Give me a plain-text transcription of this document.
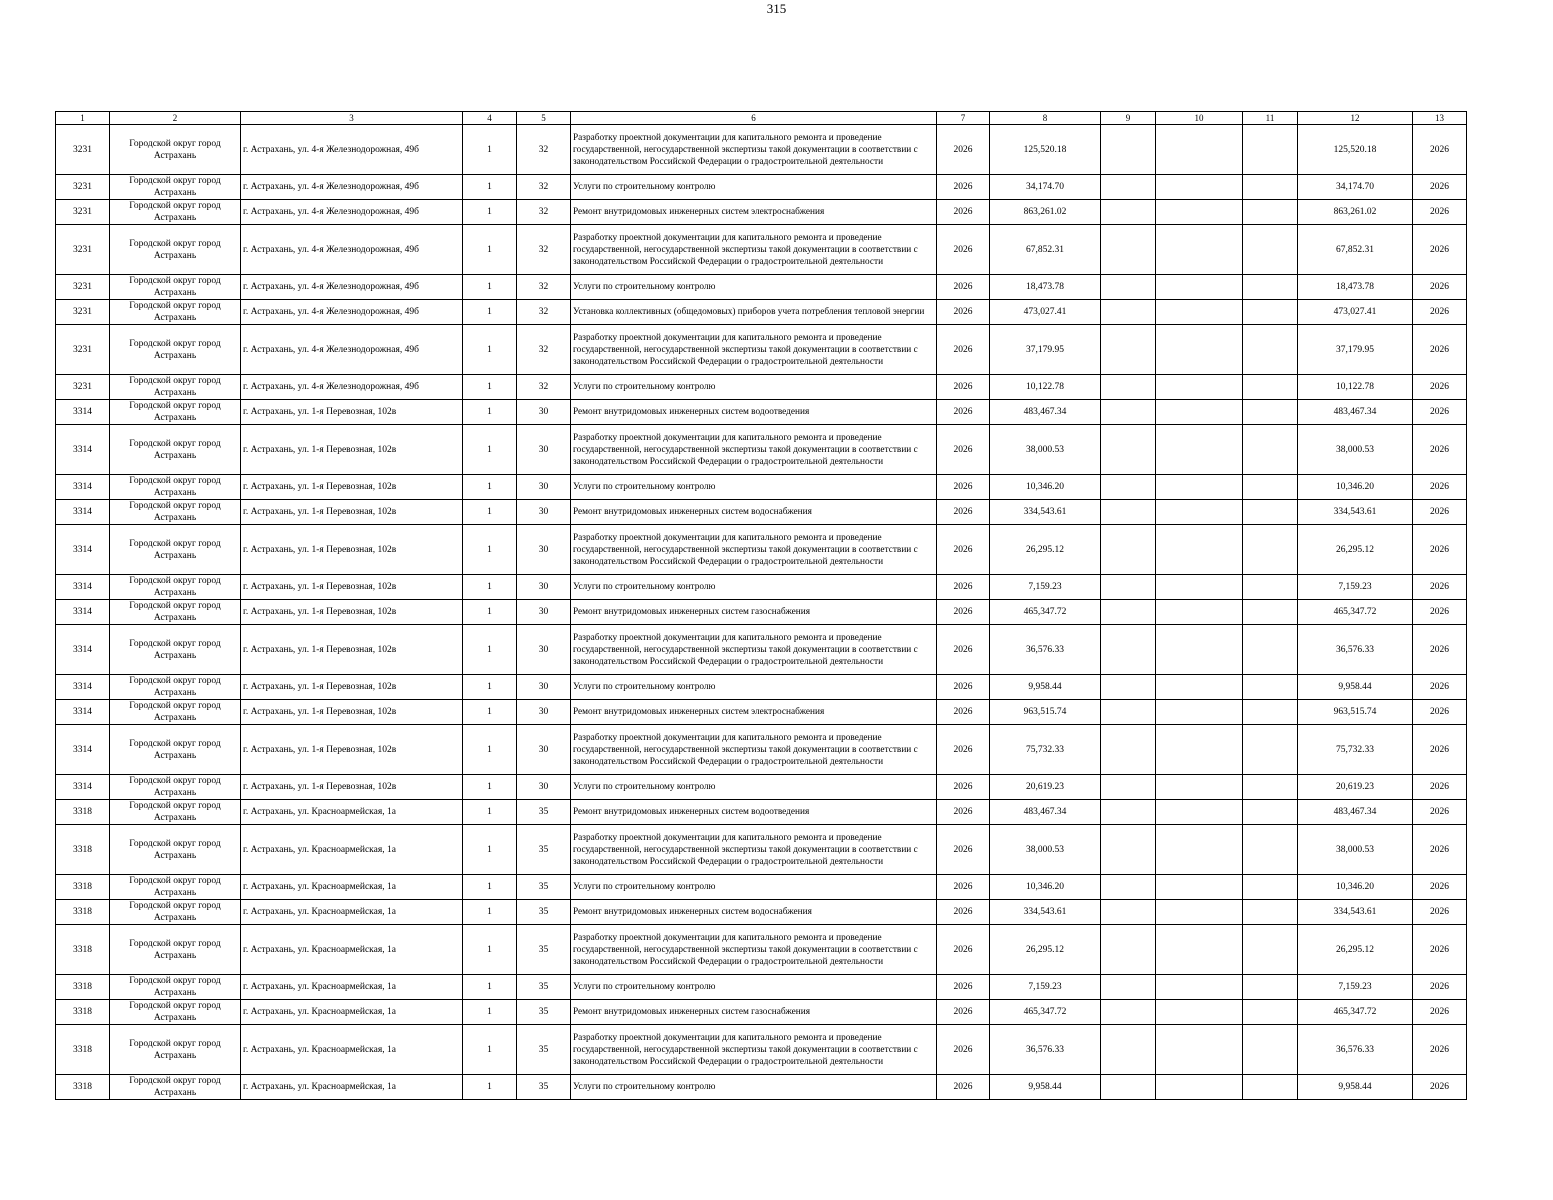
315
1	2	3	4	5	6	7	8	9	10	11	12	13
3231	Городской округ город Астрахань	г. Астрахань, ул. 4-я Железнодорожная, 49б	1	32	Разработку проектной документации для капитального ремонта и проведение государственной, негосударственной экспертизы такой документации в соответствии с законодательством Российской Федерации о градостроительной деятельности	2026	125,520.18				125,520.18	2026
3231	Городской округ город Астрахань	г. Астрахань, ул. 4-я Железнодорожная, 49б	1	32	Услуги по строительному контролю	2026	34,174.70				34,174.70	2026
3231	Городской округ город Астрахань	г. Астрахань, ул. 4-я Железнодорожная, 49б	1	32	Ремонт внутридомовых инженерных систем электроснабжения	2026	863,261.02				863,261.02	2026
3231	Городской округ город Астрахань	г. Астрахань, ул. 4-я Железнодорожная, 49б	1	32	Разработку проектной документации для капитального ремонта и проведение государственной, негосударственной экспертизы такой документации в соответствии с законодательством Российской Федерации о градостроительной деятельности	2026	67,852.31				67,852.31	2026
3231	Городской округ город Астрахань	г. Астрахань, ул. 4-я Железнодорожная, 49б	1	32	Услуги по строительному контролю	2026	18,473.78				18,473.78	2026
3231	Городской округ город Астрахань	г. Астрахань, ул. 4-я Железнодорожная, 49б	1	32	Установка коллективных (общедомовых) приборов учета потребления тепловой энергии	2026	473,027.41				473,027.41	2026
3231	Городской округ город Астрахань	г. Астрахань, ул. 4-я Железнодорожная, 49б	1	32	Разработку проектной документации для капитального ремонта и проведение государственной, негосударственной экспертизы такой документации в соответствии с законодательством Российской Федерации о градостроительной деятельности	2026	37,179.95				37,179.95	2026
3231	Городской округ город Астрахань	г. Астрахань, ул. 4-я Железнодорожная, 49б	1	32	Услуги по строительному контролю	2026	10,122.78				10,122.78	2026
3314	Городской округ город Астрахань	г. Астрахань, ул. 1-я Перевозная, 102в	1	30	Ремонт внутридомовых инженерных систем водоотведения	2026	483,467.34				483,467.34	2026
3314	Городской округ город Астрахань	г. Астрахань, ул. 1-я Перевозная, 102в	1	30	Разработку проектной документации для капитального ремонта и проведение государственной, негосударственной экспертизы такой документации в соответствии с законодательством Российской Федерации о градостроительной деятельности	2026	38,000.53				38,000.53	2026
3314	Городской округ город Астрахань	г. Астрахань, ул. 1-я Перевозная, 102в	1	30	Услуги по строительному контролю	2026	10,346.20				10,346.20	2026
3314	Городской округ город Астрахань	г. Астрахань, ул. 1-я Перевозная, 102в	1	30	Ремонт внутридомовых инженерных систем водоснабжения	2026	334,543.61				334,543.61	2026
3314	Городской округ город Астрахань	г. Астрахань, ул. 1-я Перевозная, 102в	1	30	Разработку проектной документации для капитального ремонта и проведение государственной, негосударственной экспертизы такой документации в соответствии с законодательством Российской Федерации о градостроительной деятельности	2026	26,295.12				26,295.12	2026
3314	Городской округ город Астрахань	г. Астрахань, ул. 1-я Перевозная, 102в	1	30	Услуги по строительному контролю	2026	7,159.23				7,159.23	2026
3314	Городской округ город Астрахань	г. Астрахань, ул. 1-я Перевозная, 102в	1	30	Ремонт внутридомовых инженерных систем газоснабжения	2026	465,347.72				465,347.72	2026
3314	Городской округ город Астрахань	г. Астрахань, ул. 1-я Перевозная, 102в	1	30	Разработку проектной документации для капитального ремонта и проведение государственной, негосударственной экспертизы такой документации в соответствии с законодательством Российской Федерации о градостроительной деятельности	2026	36,576.33				36,576.33	2026
3314	Городской округ город Астрахань	г. Астрахань, ул. 1-я Перевозная, 102в	1	30	Услуги по строительному контролю	2026	9,958.44				9,958.44	2026
3314	Городской округ город Астрахань	г. Астрахань, ул. 1-я Перевозная, 102в	1	30	Ремонт внутридомовых инженерных систем электроснабжения	2026	963,515.74				963,515.74	2026
3314	Городской округ город Астрахань	г. Астрахань, ул. 1-я Перевозная, 102в	1	30	Разработку проектной документации для капитального ремонта и проведение государственной, негосударственной экспертизы такой документации в соответствии с законодательством Российской Федерации о градостроительной деятельности	2026	75,732.33				75,732.33	2026
3314	Городской округ город Астрахань	г. Астрахань, ул. 1-я Перевозная, 102в	1	30	Услуги по строительному контролю	2026	20,619.23				20,619.23	2026
3318	Городской округ город Астрахань	г. Астрахань, ул. Красноармейская, 1а	1	35	Ремонт внутридомовых инженерных систем водоотведения	2026	483,467.34				483,467.34	2026
3318	Городской округ город Астрахань	г. Астрахань, ул. Красноармейская, 1а	1	35	Разработку проектной документации для капитального ремонта и проведение государственной, негосударственной экспертизы такой документации в соответствии с законодательством Российской Федерации о градостроительной деятельности	2026	38,000.53				38,000.53	2026
3318	Городской округ город Астрахань	г. Астрахань, ул. Красноармейская, 1а	1	35	Услуги по строительному контролю	2026	10,346.20				10,346.20	2026
3318	Городской округ город Астрахань	г. Астрахань, ул. Красноармейская, 1а	1	35	Ремонт внутридомовых инженерных систем водоснабжения	2026	334,543.61				334,543.61	2026
3318	Городской округ город Астрахань	г. Астрахань, ул. Красноармейская, 1а	1	35	Разработку проектной документации для капитального ремонта и проведение государственной, негосударственной экспертизы такой документации в соответствии с законодательством Российской Федерации о градостроительной деятельности	2026	26,295.12				26,295.12	2026
3318	Городской округ город Астрахань	г. Астрахань, ул. Красноармейская, 1а	1	35	Услуги по строительному контролю	2026	7,159.23				7,159.23	2026
3318	Городской округ город Астрахань	г. Астрахань, ул. Красноармейская, 1а	1	35	Ремонт внутридомовых инженерных систем газоснабжения	2026	465,347.72				465,347.72	2026
3318	Городской округ город Астрахань	г. Астрахань, ул. Красноармейская, 1а	1	35	Разработку проектной документации для капитального ремонта и проведение государственной, негосударственной экспертизы такой документации в соответствии с законодательством Российской Федерации о градостроительной деятельности	2026	36,576.33				36,576.33	2026
3318	Городской округ город Астрахань	г. Астрахань, ул. Красноармейская, 1а	1	35	Услуги по строительному контролю	2026	9,958.44				9,958.44	2026
